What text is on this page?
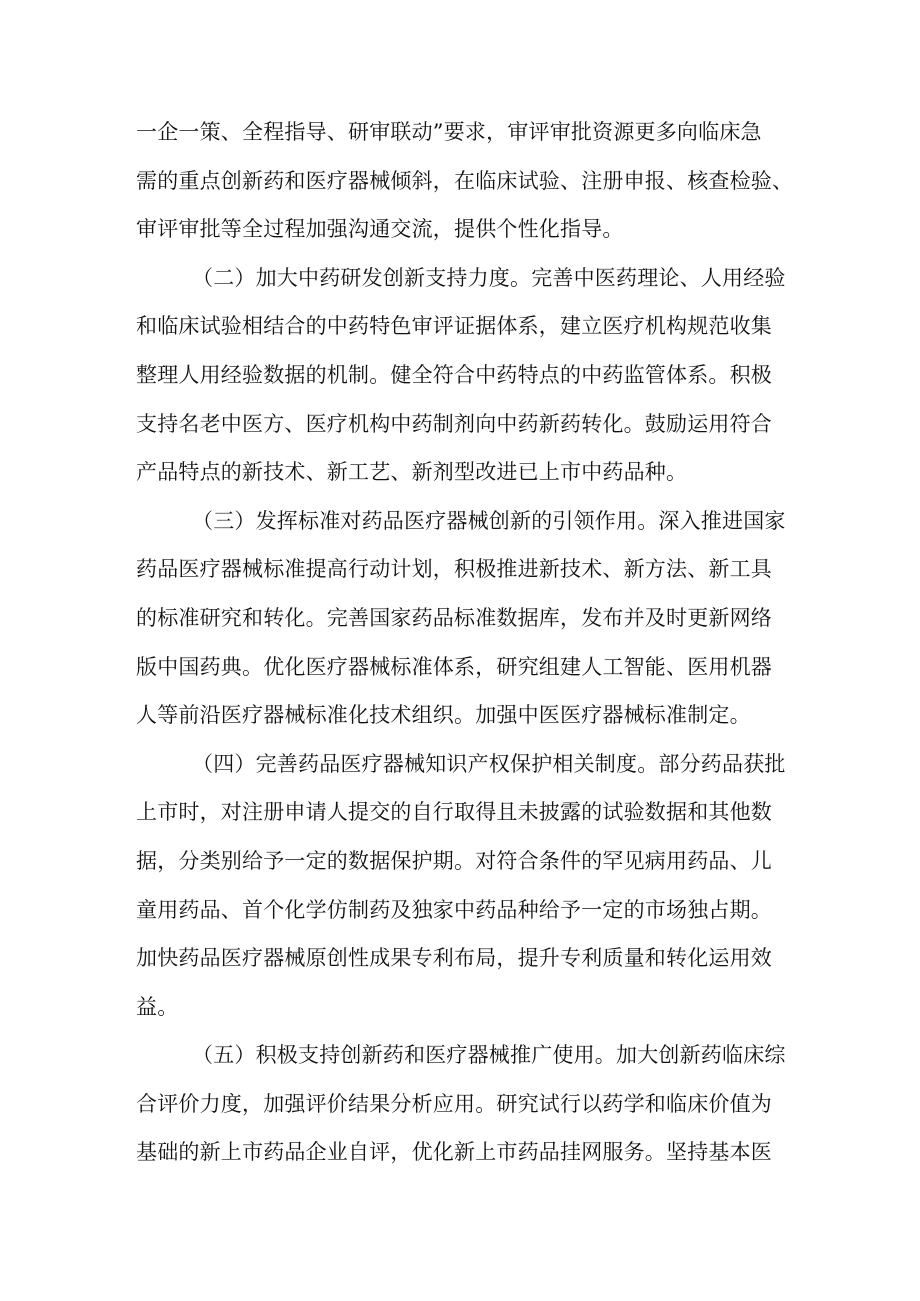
一企一策、全程指导、研审联动”要求，审评审批资源更多向临床急
需的重点创新药和医疗器械倾斜，在临床试验、注册申报、核查检验、
审评审批等全过程加强沟通交流，提供个性化指导。
（二）加大中药研发创新支持力度。完善中医药理论、人用经验
和临床试验相结合的中药特色审评证据体系，建立医疗机构规范收集
整理人用经验数据的机制。健全符合中药特点的中药监管体系。积极
支持名老中医方、医疗机构中药制剂向中药新药转化。鼓励运用符合
产品特点的新技术、新工艺、新剂型改进已上市中药品种。
（三）发挥标准对药品医疗器械创新的引领作用。深入推进国家
药品医疗器械标准提高行动计划，积极推进新技术、新方法、新工具
的标准研究和转化。完善国家药品标准数据库，发布并及时更新网络
版中国药典。优化医疗器械标准体系，研究组建人工智能、医用机器
人等前沿医疗器械标准化技术组织。加强中医医疗器械标准制定。
（四）完善药品医疗器械知识产权保护相关制度。部分药品获批
上市时，对注册申请人提交的自行取得且未披露的试验数据和其他数
据，分类别给予一定的数据保护期。对符合条件的罕见病用药品、儿
童用药品、首个化学仿制药及独家中药品种给予一定的市场独占期。
加快药品医疗器械原创性成果专利布局，提升专利质量和转化运用效
益。
（五）积极支持创新药和医疗器械推广使用。加大创新药临床综
合评价力度，加强评价结果分析应用。研究试行以药学和临床价值为
基础的新上市药品企业自评，优化新上市药品挂网服务。坚持基本医
